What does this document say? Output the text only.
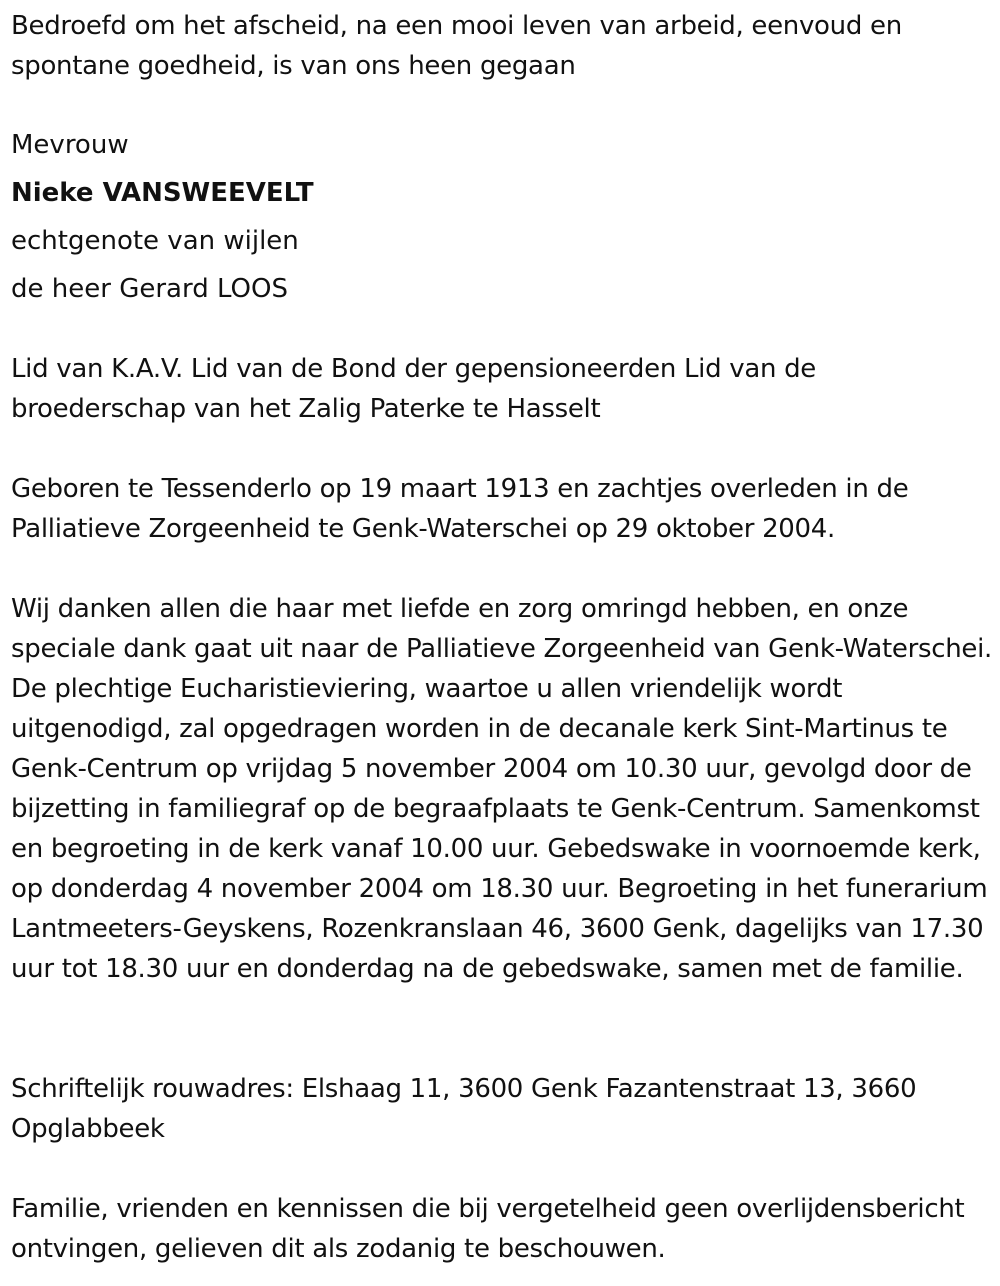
Bedroefd om het afscheid, na een mooi leven van arbeid, eenvoud en spontane goedheid, is van ons heen gegaan

Mevrouw

Nieke VANSWEEVELT

echtgenote van wijlen

de heer Gerard LOOS

Lid van K.A.V. Lid van de Bond der gepensioneerden Lid van de broederschap van het Zalig Paterke te Hasselt

Geboren te Tessenderlo op 19 maart 1913 en zachtjes overleden in de Palliatieve Zorgeenheid te Genk-Waterschei op 29 oktober 2004.

Wij danken allen die haar met liefde en zorg omringd hebben, en onze speciale dank gaat uit naar de Palliatieve Zorgeenheid van Genk-Waterschei. De plechtige Eucharistieviering, waartoe u allen vriendelijk wordt uitgenodigd, zal opgedragen worden in de decanale kerk Sint-Martinus te Genk-Centrum op vrijdag 5 november 2004 om 10.30 uur, gevolgd door de bijzetting in familiegraf op de begraafplaats te Genk-Centrum. Samenkomst en begroeting in de kerk vanaf 10.00 uur. Gebedswake in voornoemde kerk, op donderdag 4 november 2004 om 18.30 uur. Begroeting in het funerarium Lantmeeters-Geyskens, Rozenkranslaan 46, 3600 Genk, dagelijks van 17.30 uur tot 18.30 uur en donderdag na de gebedswake, samen met de familie.

Schriftelijk rouwadres: Elshaag 11, 3600 Genk Fazantenstraat 13, 3660 Opglabbeek

Familie, vrienden en kennissen die bij vergetelheid geen overlijdensbericht ontvingen, gelieven dit als zodanig te beschouwen.
